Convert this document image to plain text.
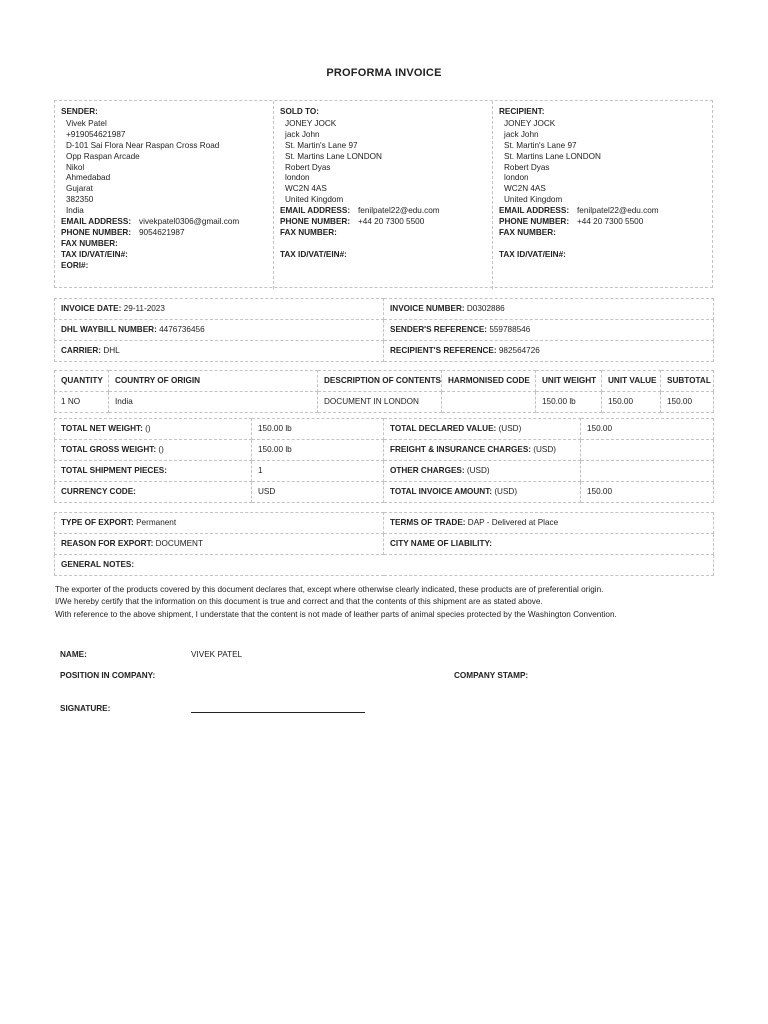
PROFORMA INVOICE
SENDER:
Vivek Patel
+919054621987
D-101 Sai Flora Near Raspan Cross Road
Opp Raspan Arcade
Nikol
Ahmedabad
Gujarat
382350
India
EMAIL ADDRESS: vivekpatel0306@gmail.com
PHONE NUMBER: 9054621987
FAX NUMBER:
TAX ID/VAT/EIN#:
EORI#:
SOLD TO:
JONEY JOCK
jack John
St. Martin's Lane 97
St. Martins Lane LONDON
Robert Dyas
london
WC2N 4AS
United Kingdom
EMAIL ADDRESS: fenilpatel22@edu.com
PHONE NUMBER: +44 20 7300 5500
FAX NUMBER:
TAX ID/VAT/EIN#:
RECIPIENT:
JONEY JOCK
jack John
St. Martin's Lane 97
St. Martins Lane LONDON
Robert Dyas
london
WC2N 4AS
United Kingdom
EMAIL ADDRESS: fenilpatel22@edu.com
PHONE NUMBER: +44 20 7300 5500
FAX NUMBER:
TAX ID/VAT/EIN#:
INVOICE DATE: 29-11-2023	INVOICE NUMBER: D0302886
DHL WAYBILL NUMBER: 4476736456	SENDER'S REFERENCE: 559788546
CARRIER: DHL	RECIPIENT'S REFERENCE: 982564726
QUANTITY	COUNTRY OF ORIGIN	DESCRIPTION OF CONTENTS	HARMONISED CODE	UNIT WEIGHT	UNIT VALUE	SUBTOTAL
1 NO	India	DOCUMENT IN LONDON		150.00 lb	150.00	150.00
TOTAL NET WEIGHT: ()	150.00 lb	TOTAL DECLARED VALUE: (USD)	150.00
TOTAL GROSS WEIGHT: ()	150.00 lb	FREIGHT & INSURANCE CHARGES: (USD)	
TOTAL SHIPMENT PIECES:	1	OTHER CHARGES: (USD)	
CURRENCY CODE:	USD	TOTAL INVOICE AMOUNT: (USD)	150.00
TYPE OF EXPORT: Permanent	TERMS OF TRADE: DAP - Delivered at Place
REASON FOR EXPORT: DOCUMENT	CITY NAME OF LIABILITY:
GENERAL NOTES:	

The exporter of the products covered by this document declares that, except where otherwise clearly indicated, these products are of preferential origin.

I/We hereby certify that the information on this document is true and correct and that the contents of this shipment are as stated above.

With reference to the above shipment, I understate that the content is not made of leather parts of animal species protected by the Washington Convention.

NAME:	VIVEK PATEL
POSITION IN COMPANY:	COMPANY STAMP:
SIGNATURE:
